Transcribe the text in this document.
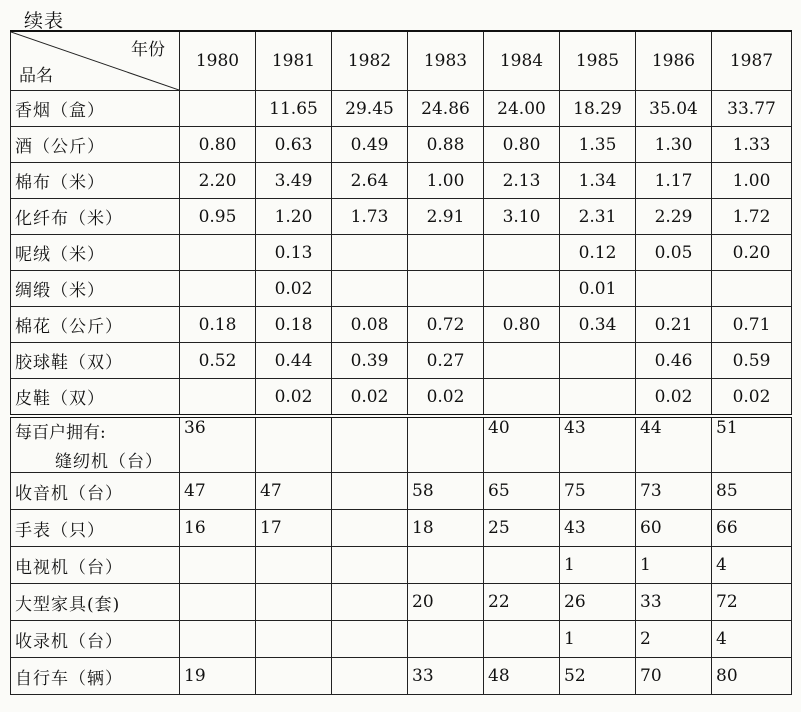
续表
年份
品名	1980	1981	1982	1983	1984	1985	1986	1987
香烟（盒）		11.65	29.45	24.86	24.00	18.29	35.04	33.77
酒（公斤）	0.80	0.63	0.49	0.88	0.80	1.35	1.30	1.33
棉布（米）	2.20	3.49	2.64	1.00	2.13	1.34	1.17	1.00
化纤布（米）	0.95	1.20	1.73	2.91	3.10	2.31	2.29	1.72
呢绒（米）		0.13				0.12	0.05	0.20
绸缎（米）		0.02				0.01		
棉花（公斤）	0.18	0.18	0.08	0.72	0.80	0.34	0.21	0.71
胶球鞋（双）	0.52	0.44	0.39	0.27			0.46	0.59
皮鞋（双）		0.02	0.02	0.02			0.02	0.02

每百户拥有:
缝纫机（台）	36				40	43	44	51
收音机（台）	47	47		58	65	75	73	85
手表（只）	16	17		18	25	43	60	66
电视机（台）						1	1	4
大型家具(套)				20	22	26	33	72
收录机（台）						1	2	4
自行车（辆）	19			33	48	52	70	80
